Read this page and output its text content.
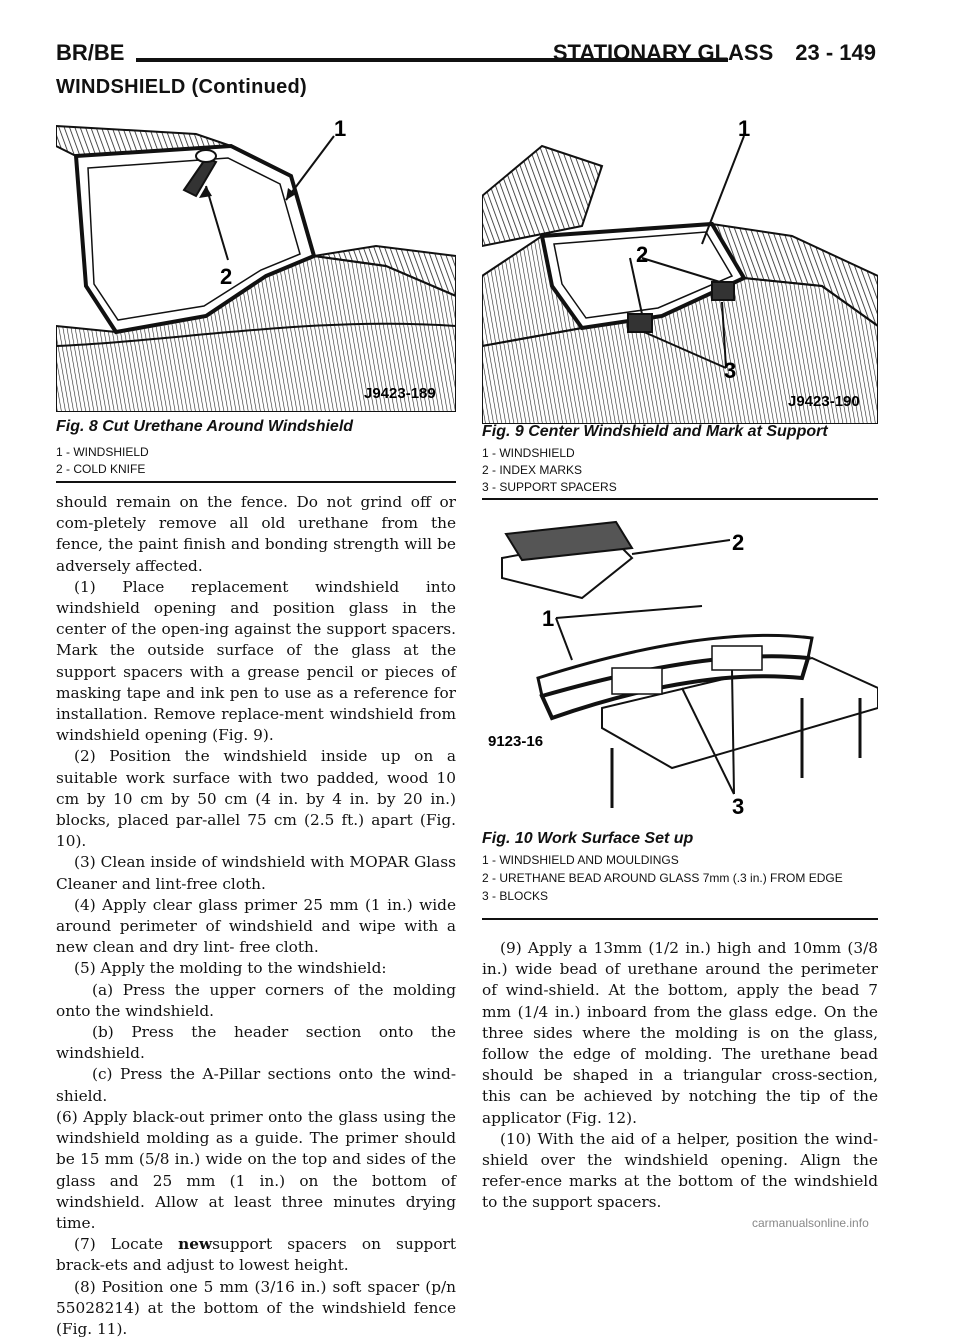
BR/BE	STATIONARY GLASS 23 - 149
WINDSHIELD (Continued)
1
2
J9423-189
Fig. 8 Cut Urethane Around Windshield
1 - WINDSHIELD
2 - COLD KNIFE
1
2
3
J9423-190
Fig. 9 Center Windshield and Mark at Support
1 - WINDSHIELD
2 - INDEX MARKS
3 - SUPPORT SPACERS
2
1
3
9123-16
Fig. 10 Work Surface Set up
1 - WINDSHIELD AND MOULDINGS
2 - URETHANE BEAD AROUND GLASS 7mm (.3 in.) FROM EDGE
3 - BLOCKS

should remain on the fence. Do not grind off or com-pletely remove all old urethane from the fence, the paint finish and bonding strength will be adversely affected.

(1) Place replacement windshield into windshield opening and position glass in the center of the open-ing against the support spacers. Mark the outside surface of the glass at the support spacers with a grease pencil or pieces of masking tape and ink pen to use as a reference for installation. Remove replace-ment windshield from windshield opening (Fig. 9).

(2) Position the windshield inside up on a suitable work surface with two padded, wood 10 cm by 10 cm by 50 cm (4 in. by 4 in. by 20 in.) blocks, placed par-allel 75 cm (2.5 ft.) apart (Fig. 10).

(3) Clean inside of windshield with MOPAR Glass Cleaner and lint-free cloth.

(4) Apply clear glass primer 25 mm (1 in.) wide around perimeter of windshield and wipe with a new clean and dry lint- free cloth.

(5) Apply the molding to the windshield:

(a) Press the upper corners of the molding onto the windshield.

(b) Press the header section onto the windshield.

(c) Press the A-Pillar sections onto the wind-shield.

(6) Apply black-out primer onto the glass using the windshield molding as a guide. The primer should be 15 mm (5/8 in.) wide on the top and sides of the glass and 25 mm (1 in.) on the bottom of windshield. Allow at least three minutes drying time.

(7) Locate newsupport spacers on support brack-ets and adjust to lowest height.

(8) Position one 5 mm (3/16 in.) soft spacer (p/n 55028214) at the bottom of the windshield fence (Fig. 11).

(9) Apply a 13mm (1/2 in.) high and 10mm (3/8 in.) wide bead of urethane around the perimeter of wind-shield. At the bottom, apply the bead 7 mm (1/4 in.) inboard from the glass edge. On the three sides where the molding is on the glass, follow the edge of molding. The urethane bead should be shaped in a triangular cross-section, this can be achieved by notching the tip of the applicator (Fig. 12).

(10) With the aid of a helper, position the wind-shield over the windshield opening. Align the refer-ence marks at the bottom of the windshield to the support spacers.

carmanualsonline.info
